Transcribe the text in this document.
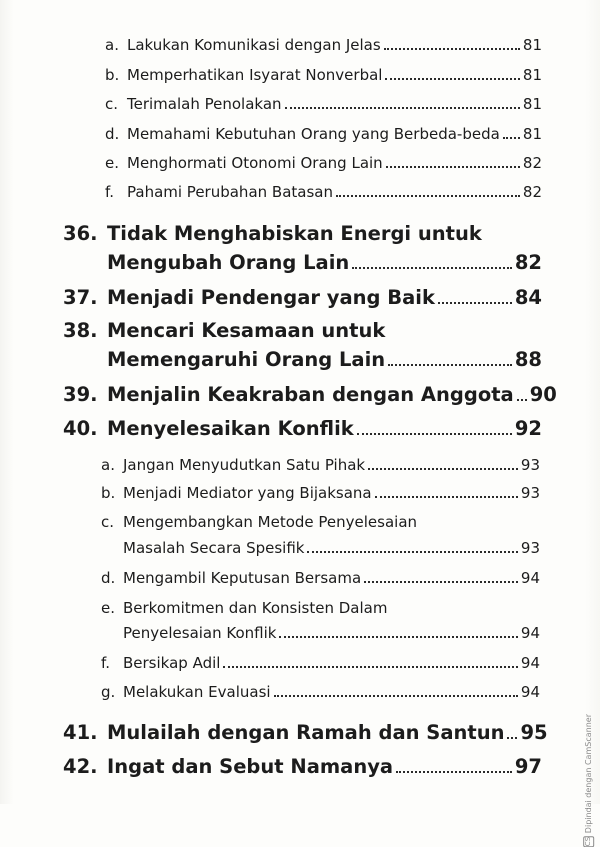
a. Lakukan Komunikasi dengan Jelas	81
b. Memperhatikan Isyarat Nonverbal	81
c. Terimalah Penolakan	81
d. Memahami Kebutuhan Orang yang Berbeda-beda 81
e. Menghormati Otonomi Orang Lain	82
f. Pahami Perubahan Batasan	82
36. Tidak Menghabiskan Energi untuk
Mengubah Orang Lain	82
37. Menjadi Pendengar yang Baik	84
38. Mencari Kesamaan untuk
Memengaruhi Orang Lain	88
39. Menjalin Keakraban dengan Anggota 90
40. Menyelesaikan Konflik	92
a. Jangan Menyudutkan Satu Pihak	93
b. Menjadi Mediator yang Bijaksana	93
c. Mengembangkan Metode Penyelesaian
Masalah Secara Spesifik	93
d. Mengambil Keputusan Bersama	94
e. Berkomitmen dan Konsisten Dalam
Penyelesaian Konflik	94
f. Bersikap Adil	94
g. Melakukan Evaluasi	94
41. Mulailah dengan Ramah dan Santun 95
42. Ingat dan Sebut Namanya	97
CSDipindai dengan CamScanner
